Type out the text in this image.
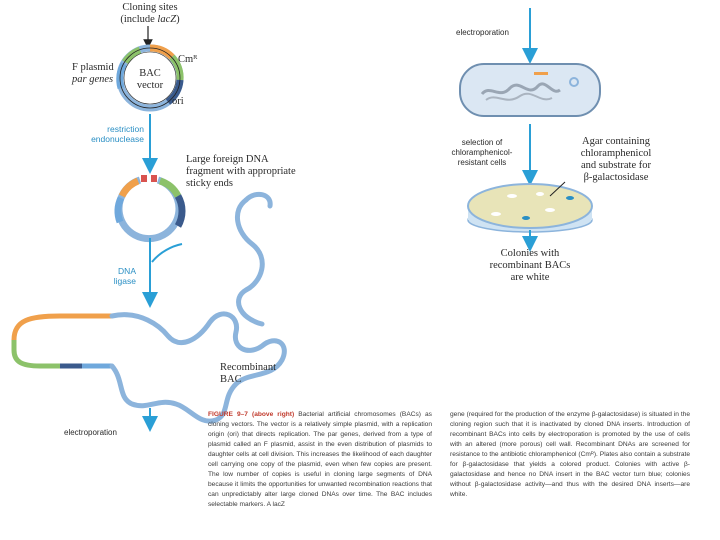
Cloning sites
(include lacZ)
Cmᴿ
F plasmid
par genes
BAC
vector
ori
restriction
endonuclease
Large foreign DNA
fragment with appropriate
sticky ends
DNA
ligase
Recombinant
BAC
electroporation
electroporation
selection of
chloramphenicol-
resistant cells
Agar containing
chloramphenicol
and substrate for
β-galactosidase
Colonies with
recombinant BACs
are white
FIGURE 9–7 (above right) Bacterial artificial chromosomes (BACs) as cloning vectors. The vector is a relatively simple plasmid, with a replication origin (ori) that directs replication. The par genes, derived from a type of plasmid called an F plasmid, assist in the even distribution of plasmids to daughter cells at cell division. This increases the likelihood of each daughter cell carrying one copy of the plasmid, even when few copies are present. The low number of copies is useful in cloning large segments of DNA because it limits the opportunities for unwanted recombination reactions that can unpredictably alter large cloned DNAs over time. The BAC includes selectable markers. A lacZ
gene (required for the production of the enzyme β-galactosidase) is situated in the cloning region such that it is inactivated by cloned DNA inserts. Introduction of recombinant BACs into cells by electroporation is promoted by the use of cells with an altered (more porous) cell wall. Recombinant DNAs are screened for resistance to the antibiotic chloramphenicol (Cmᴿ). Plates also contain a substrate for β-galactosidase that yields a colored product. Colonies with active β-galactosidase and hence no DNA insert in the BAC vector turn blue; colonies without β-galactosidase activity—and thus with the desired DNA inserts—are white.
